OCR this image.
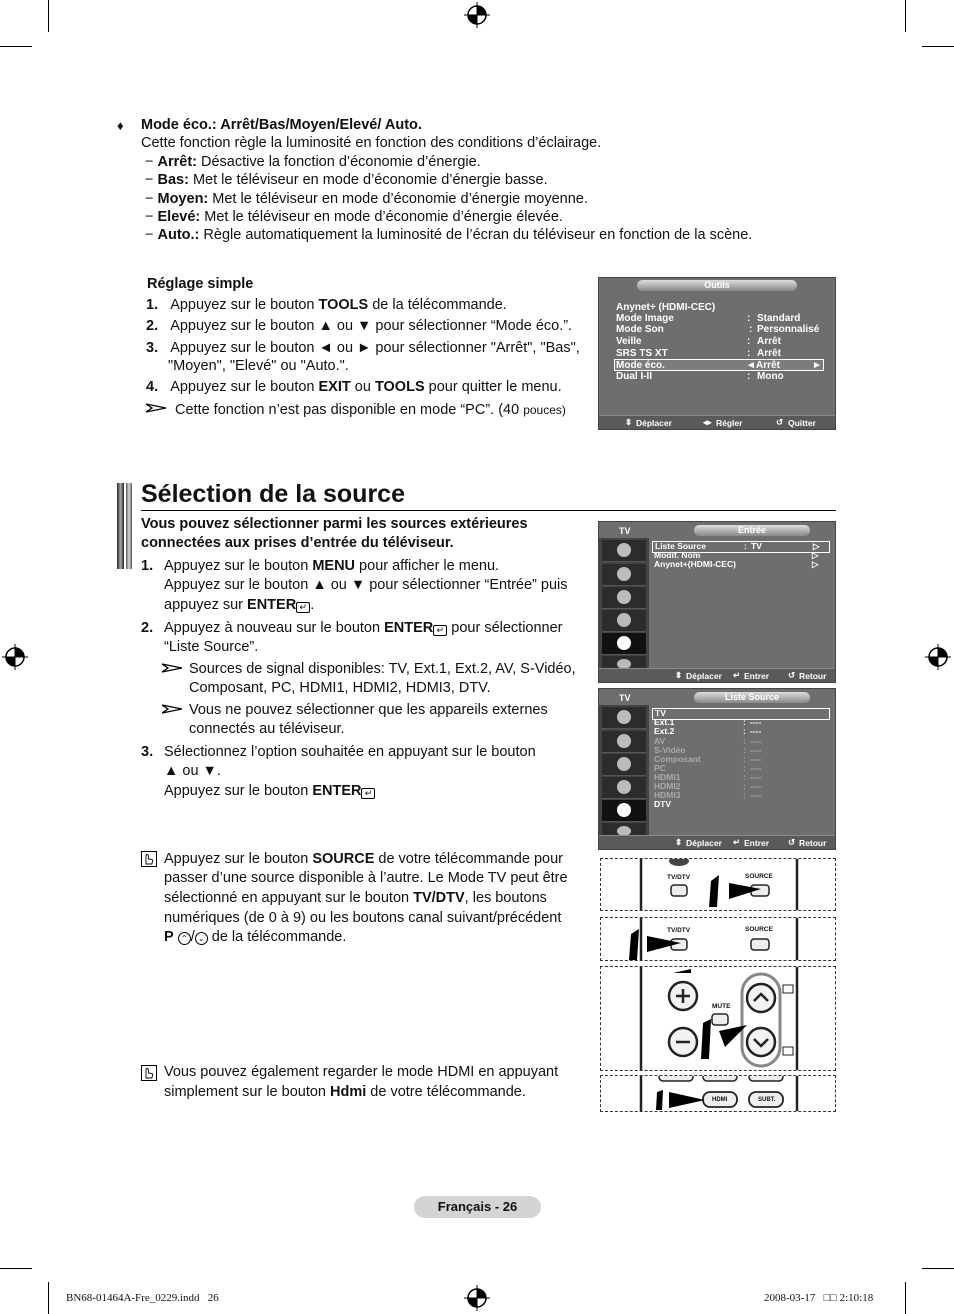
♦ Mode éco.: Arrêt/Bas/Moyen/Elevé/ Auto.
Cette fonction règle la luminosité en fonction des conditions d’éclairage.
− Arrêt: Désactive la fonction d’économie d’énergie.
− Bas: Met le téléviseur en mode d’économie d’énergie basse.
− Moyen: Met le téléviseur en mode d’économie d’énergie moyenne.
− Elevé: Met le téléviseur en mode d’économie d’énergie élevée.
− Auto.: Règle automatiquement la luminosité de l’écran du téléviseur en fonction de la scène.
Réglage simple
1. Appuyez sur le bouton TOOLS de la télécommande.
2. Appuyez sur le bouton ▲ ou ▼ pour sélectionner “Mode éco.”.
3. Appuyez sur le bouton ◄ ou ► pour sélectionner "Arrêt", "Bas",
"Moyen", "Elevé" ou "Auto.".
4. Appuyez sur le bouton EXIT ou TOOLS pour quitter le menu.
Cette fonction n’est pas disponible en mode “PC”. (40 pouces)
Outils
Anynet+ (HDMI-CEC)
Mode Image	: Standard
Mode Son	: Personnalisé
Veille	: Arrêt
SRS TS XT	: Arrêt
Mode éco.	◄ Arrêt	►
Dual I-II	: Mono
⬍ Déplacer	◂▸ Régler	↺ Quitter
Sélection de la source
Vous pouvez sélectionner parmi les sources extérieures
connectées aux prises d’entrée du téléviseur.
1. Appuyez sur le bouton MENU pour afficher le menu.
Appuyez sur le bouton ▲ ou ▼ pour sélectionner “Entrée” puis
appuyez sur ENTER ↵ .
2. Appuyez à nouveau sur le bouton ENTER ↵ pour sélectionner
“Liste Source”.
Sources de signal disponibles: TV, Ext.1, Ext.2, AV, S-Vidéo,
Composant, PC, HDMI1, HDMI2, HDMI3, DTV.
Vous ne pouvez sélectionner que les appareils externes
connectés au téléviseur.
3. Sélectionnez l’option souhaitée en appuyant sur le bouton
▲ ou ▼.
Appuyez sur le bouton ENTER ↵
Appuyez sur le bouton SOURCE de votre télécommande pour
passer d’une source disponible à l’autre. Le Mode TV peut être
sélectionné en appuyant sur le bouton TV/DTV, les boutons
numériques (de 0 à 9) ou les boutons canal suivant/précédent
P ⌃ / ⌄ de la télécommande.
Vous pouvez également regarder le mode HDMI en appuyant
simplement sur le bouton Hdmi de votre télécommande.
TV	Entrée
Liste Source	: TV	▷
Modif. Nom	▷
Anynet+(HDMI-CEC)	▷
⬍ Déplacer ↵ Entrer ↺ Retour
TV	Liste Source
TV
Ext.1	: ----
Ext.2	: ----
AV	: ----
S-Vidéo	: ----
Composant	: ----
PC	: ----
HDMI1	: ----
HDMI2	: ----
HDMI3	: ----
DTV
⬍ Déplacer ↵ Entrer ↺ Retour
TV/DTV	SOURCE
TV/DTV	SOURCE
MUTE
HDMI	SUBT.
Français - 26
BN68-01464A-Fre_0229.indd   26	2008-03-17   □□ 2:10:18
